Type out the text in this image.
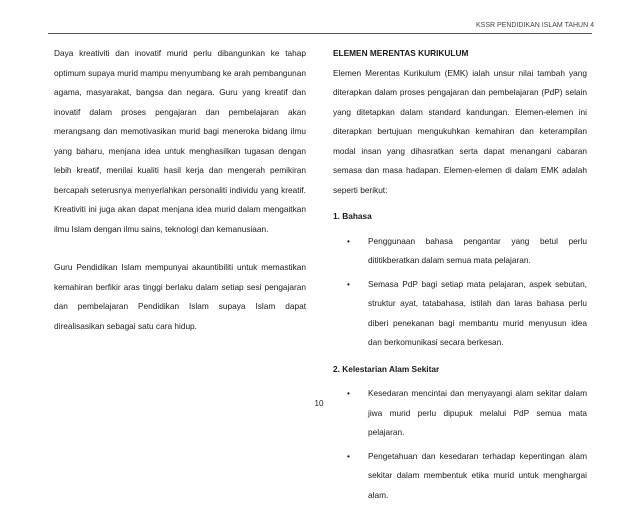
KSSR PENDIDIKAN ISLAM TAHUN 4

Daya kreativiti dan inovatif murid perlu dibangunkan ke tahap optimum supaya murid mampu menyumbang ke arah pembangunan agama, masyarakat, bangsa dan negara. Guru yang kreatif dan inovatif dalam proses pengajaran dan pembelajaran akan merangsang dan memotivasikan murid bagi meneroka bidang ilmu yang baharu, menjana idea untuk menghasilkan tugasan dengan lebih kreatif, menilai kualiti hasil kerja dan mengerah pemikiran bercapah seterusnya menyerlahkan personaliti individu yang kreatif. Kreativiti ini juga akan dapat menjana idea murid dalam mengaitkan ilmu Islam dengan ilmu sains, teknologi dan kemanusiaan.

Guru Pendidikan Islam mempunyai akauntibiliti untuk memastikan kemahiran berfikir aras tinggi berlaku dalam setiap sesi pengajaran dan pembelajaran Pendidikan Islam supaya Islam dapat direalisasikan sebagai satu cara hidup.

ELEMEN MERENTAS KURIKULUM

Elemen Merentas Kurikulum (EMK) ialah unsur nilai tambah yang diterapkan dalam proses pengajaran dan pembelajaran (PdP) selain yang ditetapkan dalam standard kandungan. Elemen-elemen ini diterapkan bertujuan mengukuhkan kemahiran dan keterampilan modal insan yang dihasratkan serta dapat menangani cabaran semasa dan masa hadapan. Elemen-elemen di dalam EMK adalah seperti berikut:

1. Bahasa

• Penggunaan bahasa pengantar yang betul perlu dititikberatkan dalam semua mata pelajaran.
• Semasa PdP bagi setiap mata pelajaran, aspek sebutan, struktur ayat, tatabahasa, istilah dan laras bahasa perlu diberi penekanan bagi membantu murid menyusun idea dan berkomunikasi secara berkesan.

2. Kelestarian Alam Sekitar

• Kesedaran mencintai dan menyayangi alam sekitar dalam jiwa murid perlu dipupuk melalui PdP semua mata pelajaran.
• Pengetahuan dan kesedaran terhadap kepentingan alam sekitar dalam membentuk etika murid untuk menghargai alam.
10
